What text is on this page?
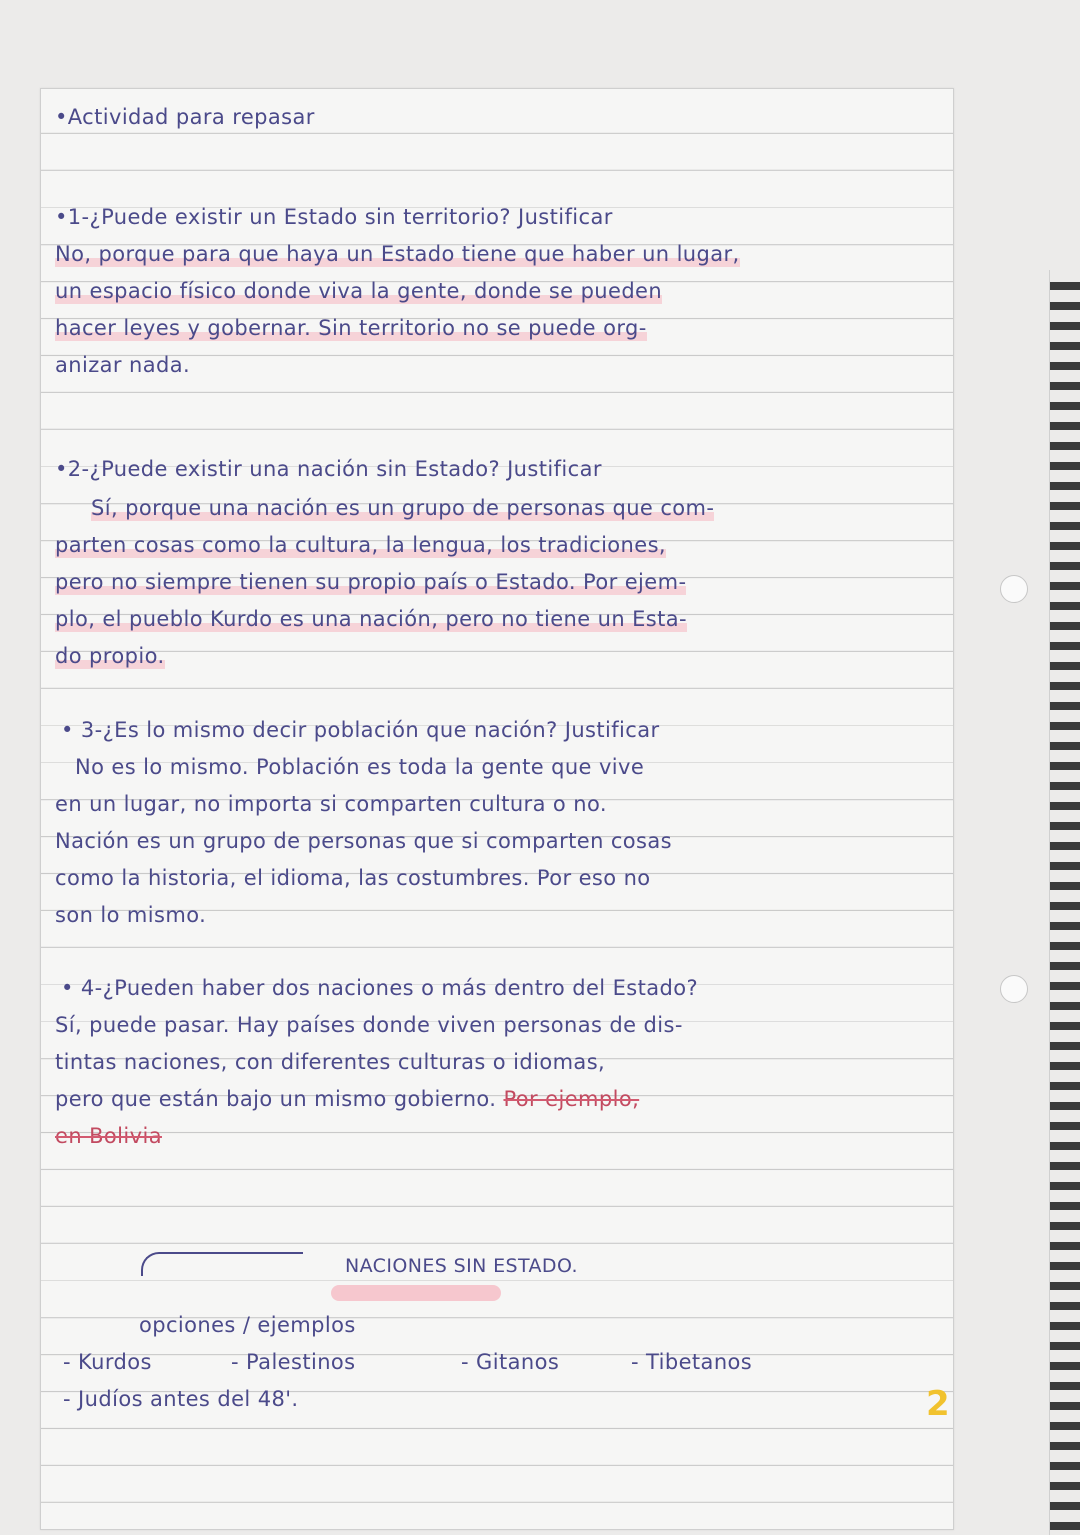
•Actividad para repasar
•1-¿Puede existir un Estado sin territorio? Justificar
No, porque para que haya un Estado tiene que haber un lugar,
un espacio físico donde viva la gente, donde se pueden
hacer leyes y gobernar. Sin territorio no se puede org-
anizar nada.
•2-¿Puede existir una nación sin Estado? Justificar
Sí, porque una nación es un grupo de personas que com-
parten cosas como la cultura, la lengua, los tradiciones,
pero no siempre tienen su propio país o Estado. Por ejem-
plo, el pueblo Kurdo es una nación, pero no tiene un Esta-
do propio.
• 3-¿Es lo mismo decir población que nación? Justificar
No es lo mismo. Población es toda la gente que vive
en un lugar, no importa si comparten cultura o no.
Nación es un grupo de personas que si comparten cosas
como la historia, el idioma, las costumbres. Por eso no
son lo mismo.
• 4-¿Pueden haber dos naciones o más dentro del Estado?
Sí, puede pasar. Hay países donde viven personas de dis-
tintas naciones, con diferentes culturas o idiomas,
pero que están bajo un mismo gobierno. Por ejemplo,
en Bolivia
NACIONES SIN ESTADO.
opciones / ejemplos
- Kurdos	- Palestinos	- Gitanos	- Tibetanos
- Judíos antes del 48'.	2
